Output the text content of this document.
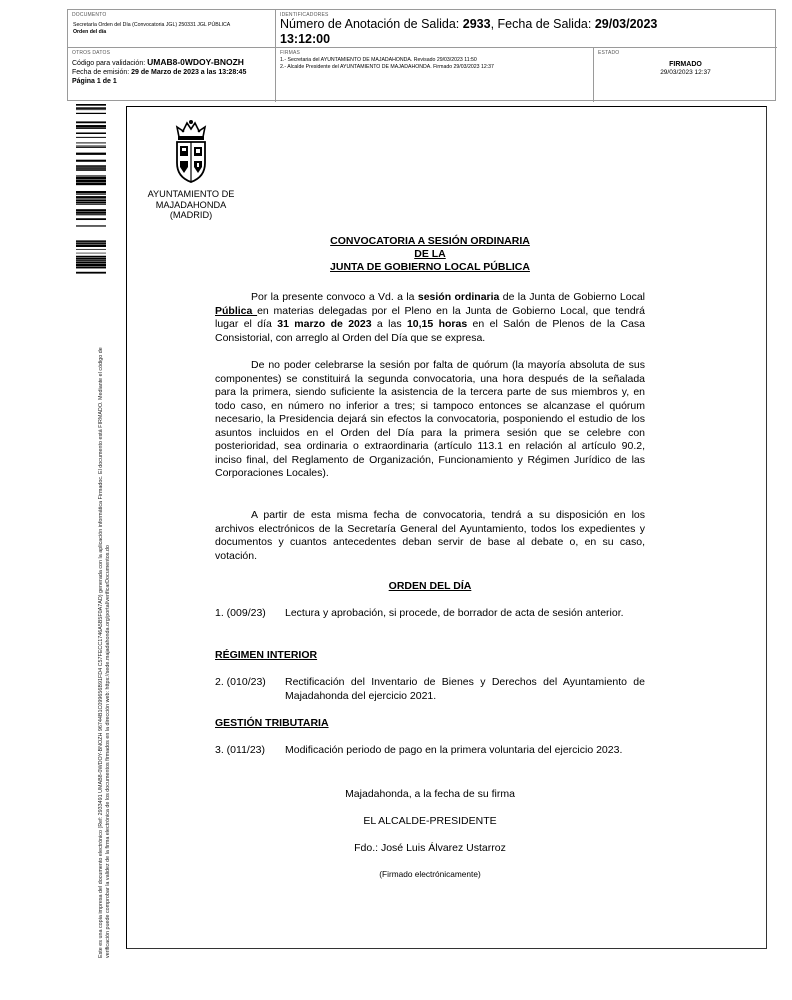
DOCUMENTO
Secretaría Orden del Día (Convocatoria JGL) 250331 JGL PÚBLICA
Orden del día
IDENTIFICADORES
Número de Anotación de Salida: 2933, Fecha de Salida: 29/03/2023
13:12:00
OTROS DATOS
Código para validación: UMAB8-0WDOY-BNOZH
Fecha de emisión: 29 de Marzo de 2023 a las 13:28:45
Página 1 de 1
FIRMAS
1.- Secretaria del AYUNTAMIENTO DE MAJADAHONDA. Revisado 29/03/2023 11:50
2.- Alcalde Presidente del AYUNTAMIENTO DE MAJADAHONDA. Firmado 29/03/2023 12:37
ESTADO
FIRMADO
29/03/2023 12:37
Este es una copia impresa del documento electrónico (Ref: 2933491 UMAB8-0WDOY-BNOZH 96744B1C099656B91FD4 C57FECC1746A5B5F0A7AD) generada con la aplicación informática Firmadoc. El documento está FIRMADO. Mediante el código de verificación puede comprobar la validez de la firma electrónica de los documentos firmados en la dirección web: https://sede.majadahonda.org/portal/verificarDocumentos.do
AYUNTAMIENTO DE
MAJADAHONDA
(MADRID)
CONVOCATORIA A SESIÓN ORDINARIA
DE LA
JUNTA DE GOBIERNO LOCAL PÚBLICA
Por la presente convoco a Vd. a la sesión ordinaria de la Junta de Gobierno Local Pública en materias delegadas por el Pleno en la Junta de Gobierno Local, que tendrá lugar el día 31 marzo de 2023 a las 10,15 horas en el Salón de Plenos de la Casa Consistorial, con arreglo al Orden del Día que se expresa.
De no poder celebrarse la sesión por falta de quórum (la mayoría absoluta de sus componentes) se constituirá la segunda convocatoria, una hora después de la señalada para la primera, siendo suficiente la asistencia de la tercera parte de sus miembros y, en todo caso, en número no inferior a tres; si tampoco entonces se alcanzase el quórum necesario, la Presidencia dejará sin efectos la convocatoria, posponiendo el estudio de los asuntos incluidos en el Orden del Día para la primera sesión que se celebre con posterioridad, sea ordinaria o extraordinaria (artículo 113.1 en relación al artículo 90.2, inciso final, del Reglamento de Organización, Funcionamiento y Régimen Jurídico de las Corporaciones Locales).
A partir de esta misma fecha de convocatoria, tendrá a su disposición en los archivos electrónicos de la Secretaría General del Ayuntamiento, todos los expedientes y documentos y cuantos antecedentes deban servir de base al debate o, en su caso, votación.
ORDEN DEL DÍA
1. (009/23) Lectura y aprobación, si procede, de borrador de acta de sesión anterior.
RÉGIMEN INTERIOR
2. (010/23) Rectificación del Inventario de Bienes y Derechos del Ayuntamiento de Majadahonda del ejercicio 2021.
GESTIÓN TRIBUTARIA
3. (011/23) Modificación periodo de pago en la primera voluntaria del ejercicio 2023.
Majadahonda, a la fecha de su firma
EL ALCALDE-PRESIDENTE
Fdo.: José Luis Álvarez Ustarroz
(Firmado electrónicamente)
